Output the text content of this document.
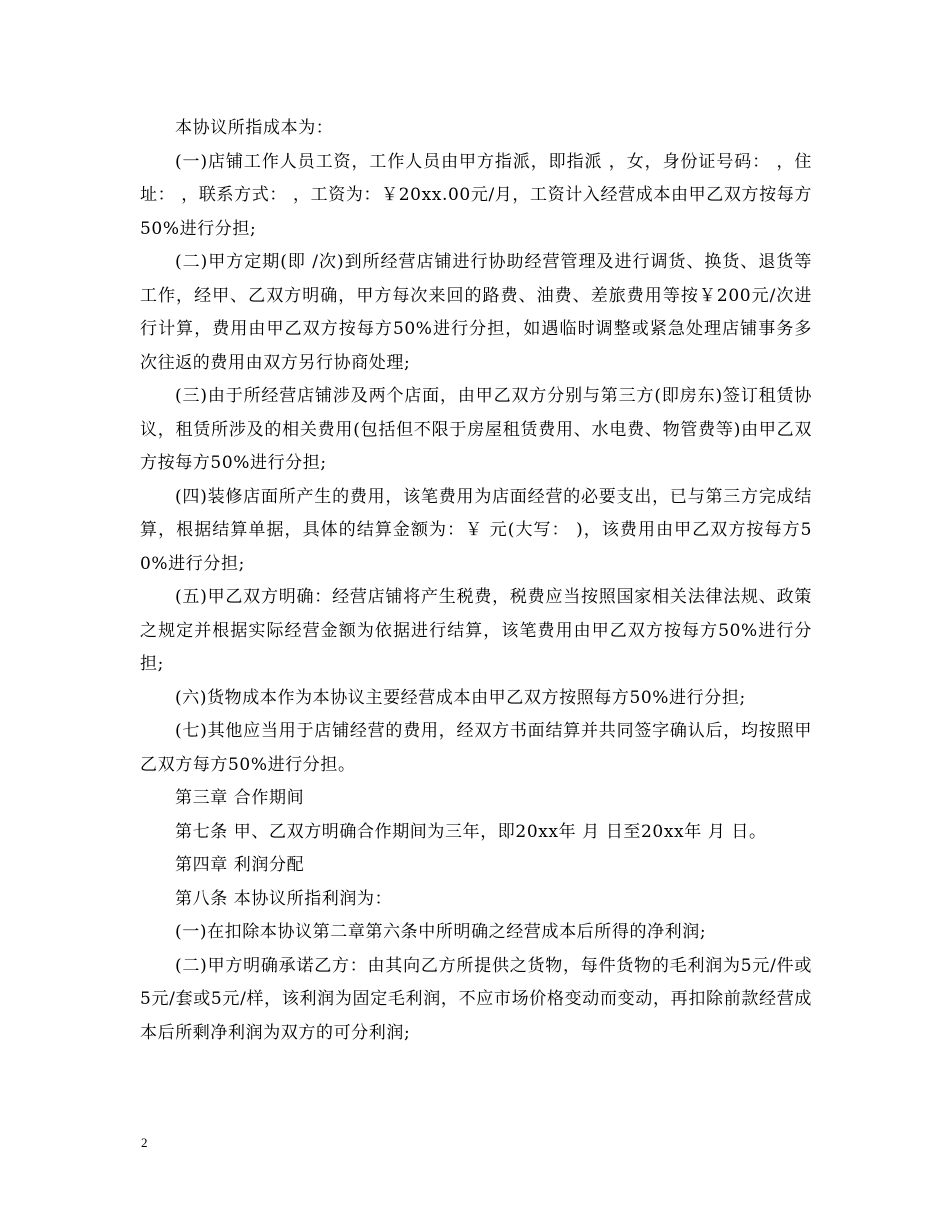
本协议所指成本为：

(一)店铺工作人员工资，工作人员由甲方指派，即指派 ，女，身份证号码： ，住址： ，联系方式： ，工资为：￥20xx.00元/月，工资计入经营成本由甲乙双方按每方50%进行分担;

(二)甲方定期(即 /次)到所经营店铺进行协助经营管理及进行调货、换货、退货等工作，经甲、乙双方明确，甲方每次来回的路费、油费、差旅费用等按￥200元/次进行计算，费用由甲乙双方按每方50%进行分担，如遇临时调整或紧急处理店铺事务多次往返的费用由双方另行协商处理;

(三)由于所经营店铺涉及两个店面，由甲乙双方分别与第三方(即房东)签订租赁协议，租赁所涉及的相关费用(包括但不限于房屋租赁费用、水电费、物管费等)由甲乙双方按每方50%进行分担;

(四)装修店面所产生的费用，该笔费用为店面经营的必要支出，已与第三方完成结算，根据结算单据，具体的结算金额为：￥ 元(大写： )，该费用由甲乙双方按每方50%进行分担;

(五)甲乙双方明确：经营店铺将产生税费，税费应当按照国家相关法律法规、政策之规定并根据实际经营金额为依据进行结算，该笔费用由甲乙双方按每方50%进行分担;

(六)货物成本作为本协议主要经营成本由甲乙双方按照每方50%进行分担;

(七)其他应当用于店铺经营的费用，经双方书面结算并共同签字确认后，均按照甲乙双方每方50%进行分担。

第三章 合作期间

第七条 甲、乙双方明确合作期间为三年，即20xx年 月 日至20xx年 月 日。

第四章 利润分配

第八条 本协议所指利润为：

(一)在扣除本协议第二章第六条中所明确之经营成本后所得的净利润;

(二)甲方明确承诺乙方：由其向乙方所提供之货物，每件货物的毛利润为5元/件或5元/套或5元/样，该利润为固定毛利润，不应市场价格变动而变动，再扣除前款经营成本后所剩净利润为双方的可分利润;

2
